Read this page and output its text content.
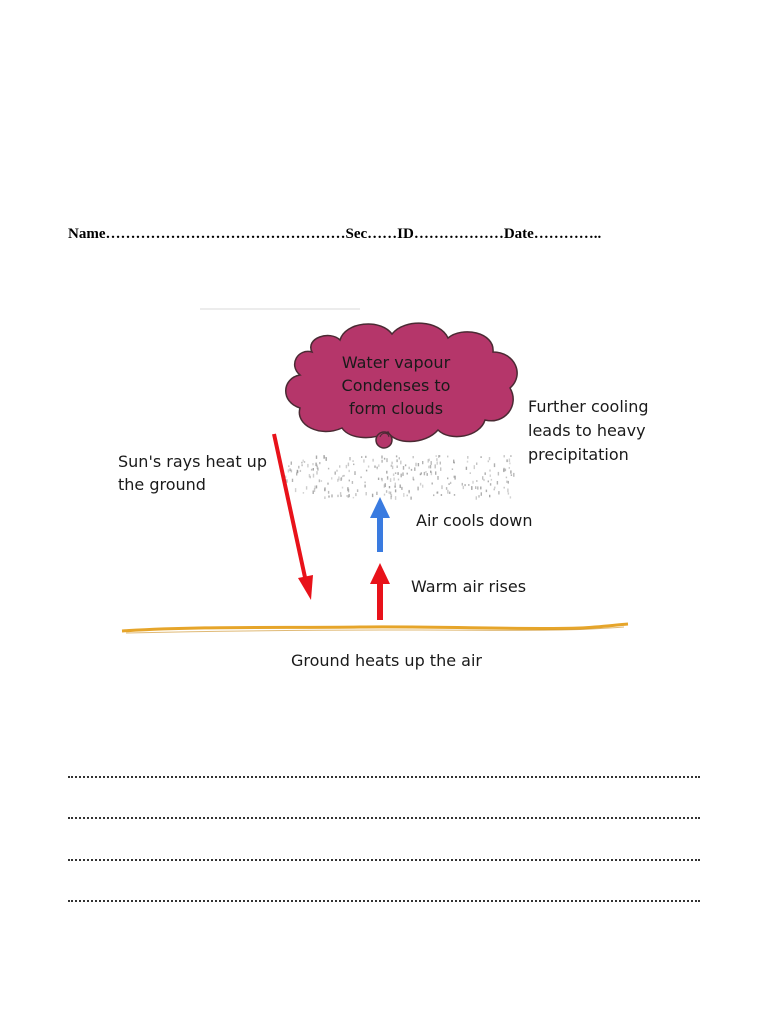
Name…………………………………………Sec……ID………………Date…………..
Water vapour
Condenses to
form clouds	Further cooling
leads to heavy
precipitation
Sun's rays heat up
the ground
Air cools down
Warm air rises
Ground heats up the air
